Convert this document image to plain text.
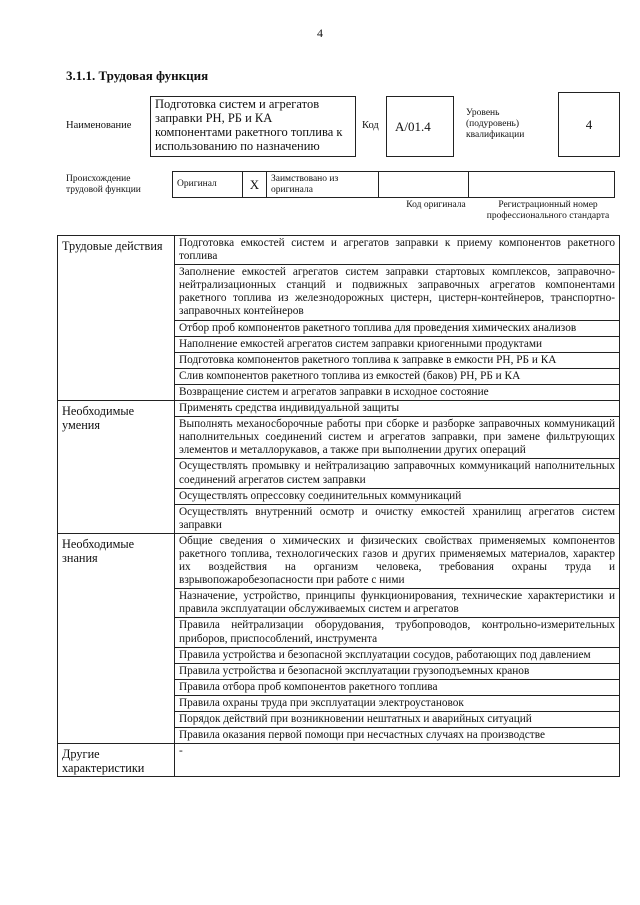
4
3.1.1. Трудовая функция
Наименование
Подготовка систем и агрегатов заправки РН, РБ и КА компонентами ракетного топлива к использованию по назначению
Код	A/01.4
Уровень (подуровень) квалификации
4
Происхождение трудовой функции
Оригинал	X	Заимствовано из оригинала		
Код оригинала	Регистрационный номер профессионального стандарта
Трудовые действия	Подготовка емкостей систем и агрегатов заправки к приему компонентов ракетного топлива
	Заполнение емкостей агрегатов систем заправки стартовых комплексов, заправочно-нейтрализационных станций и подвижных заправочных агрегатов компонентами ракетного топлива из железнодорожных цистерн, цистерн-контейнеров, транспортно-заправочных контейнеров
	Отбор проб компонентов ракетного топлива для проведения химических анализов
	Наполнение емкостей агрегатов систем заправки криогенными продуктами
	Подготовка компонентов ракетного топлива к заправке в емкости РН, РБ и КА
	Слив компонентов ракетного топлива из емкостей (баков) РН, РБ и КА
	Возвращение систем и агрегатов заправки в исходное состояние
Необходимые умения	Применять средства индивидуальной защиты
	Выполнять механосборочные работы при сборке и разборке заправочных коммуникаций наполнительных соединений систем и агрегатов заправки, при замене фильтрующих элементов и металлорукавов, а также при выполнении других операций
	Осуществлять промывку и нейтрализацию заправочных коммуникаций наполнительных соединений агрегатов систем заправки
	Осуществлять опрессовку соединительных коммуникаций
	Осуществлять внутренний осмотр и очистку емкостей хранилищ агрегатов систем заправки
Необходимые знания	Общие сведения о химических и физических свойствах применяемых компонентов ракетного топлива, технологических газов и других применяемых материалов, характер их воздействия на организм человека, требования охраны труда и взрывопожаробезопасности при работе с ними
	Назначение, устройство, принципы функционирования, технические характеристики и правила эксплуатации обслуживаемых систем и агрегатов
	Правила нейтрализации оборудования, трубопроводов, контрольно-измерительных приборов, приспособлений, инструмента
	Правила устройства и безопасной эксплуатации сосудов, работающих под давлением
	Правила устройства и безопасной эксплуатации грузоподъемных кранов
	Правила отбора проб компонентов ракетного топлива
	Правила охраны труда при эксплуатации электроустановок
	Порядок действий при возникновении нештатных и аварийных ситуаций
	Правила оказания первой помощи при несчастных случаях на производстве
Другие характеристики	-
